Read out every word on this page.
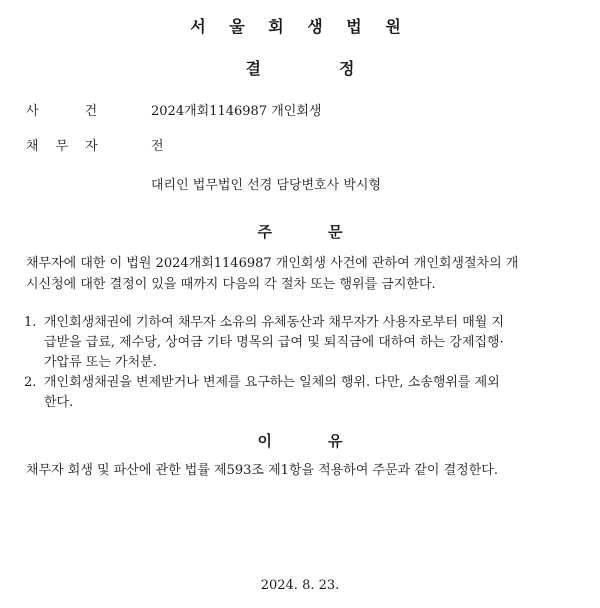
서 울 회 생 법 원
결	정
사	건	2024개회1146987 개인회생
채 무 자	전
대리인 법무법인 선경 담당변호사 박시형
주	문
채무자에 대한 이 법원 2024개회1146987 개인회생 사건에 관하여 개인회생절차의 개
시신청에 대한 결정이 있을 때까지 다음의 각 절차 또는 행위를 금지한다.
1. 개인회생채권에 기하여 채무자 소유의 유체동산과 채무자가 사용자로부터 매월 지
급받을 급료, 제수당, 상여금 기타 명목의 급여 및 퇴직금에 대하여 하는 강제집행·
가압류 또는 가처분.
2. 개인회생채권을 변제받거나 변제를 요구하는 일체의 행위. 다만, 소송행위를 제외
한다.
이	유
채무자 회생 및 파산에 관한 법률 제593조 제1항을 적용하여 주문과 같이 결정한다.
2024. 8. 23.
